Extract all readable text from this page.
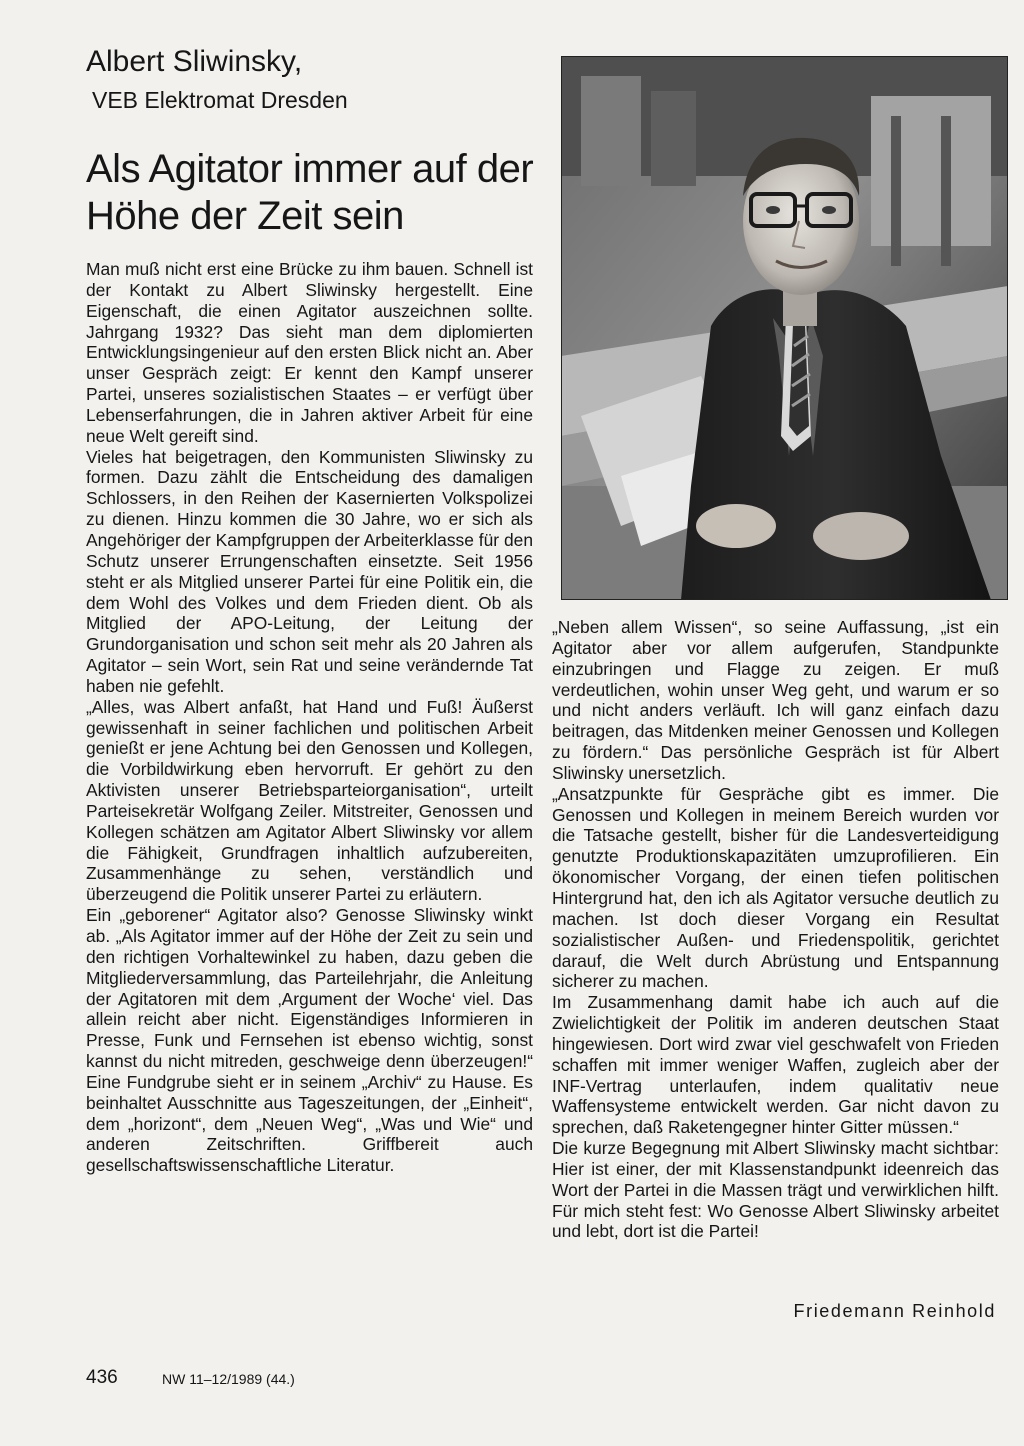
Albert Sliwinsky,
VEB Elektromat Dresden
Als Agitator immer auf der Höhe der Zeit sein

Man muß nicht erst eine Brücke zu ihm bauen. Schnell ist der Kontakt zu Albert Sliwinsky hergestellt. Eine Eigenschaft, die einen Agitator auszeichnen sollte. Jahrgang 1932? Das sieht man dem diplomierten Entwicklungsingenieur auf den ersten Blick nicht an. Aber unser Gespräch zeigt: Er kennt den Kampf unserer Partei, unseres sozialistischen Staates – er verfügt über Lebenserfahrungen, die in Jahren aktiver Arbeit für eine neue Welt gereift sind.

Vieles hat beigetragen, den Kommunisten Sliwinsky zu formen. Dazu zählt die Entscheidung des damaligen Schlossers, in den Reihen der Kasernierten Volkspolizei zu dienen. Hinzu kommen die 30 Jahre, wo er sich als Angehöriger der Kampfgruppen der Arbeiterklasse für den Schutz unserer Errungenschaften einsetzte. Seit 1956 steht er als Mitglied unserer Partei für eine Politik ein, die dem Wohl des Volkes und dem Frieden dient. Ob als Mitglied der APO-Leitung, der Leitung der Grundorganisation und schon seit mehr als 20 Jahren als Agitator – sein Wort, sein Rat und seine verändernde Tat haben nie gefehlt.

„Alles, was Albert anfaßt, hat Hand und Fuß! Äußerst gewissenhaft in seiner fachlichen und politischen Arbeit genießt er jene Achtung bei den Genossen und Kollegen, die Vorbildwirkung eben hervorruft. Er gehört zu den Aktivisten unserer Betriebsparteiorganisation“, urteilt Parteisekretär Wolfgang Zeiler. Mitstreiter, Genossen und Kollegen schätzen am Agitator Albert Sliwinsky vor allem die Fähigkeit, Grundfragen inhaltlich aufzubereiten, Zusammenhänge zu sehen, verständlich und überzeugend die Politik unserer Partei zu erläutern.

Ein „geborener“ Agitator also? Genosse Sliwinsky winkt ab. „Als Agitator immer auf der Höhe der Zeit zu sein und den richtigen Vorhaltewinkel zu haben, dazu geben die Mitgliederversammlung, das Parteilehrjahr, die Anleitung der Agitatoren mit dem ‚Argument der Woche‘ viel. Das allein reicht aber nicht. Eigenständiges Informieren in Presse, Funk und Fernsehen ist ebenso wichtig, sonst kannst du nicht mitreden, geschweige denn überzeugen!“ Eine Fundgrube sieht er in seinem „Archiv“ zu Hause. Es beinhaltet Ausschnitte aus Tageszeitungen, der „Einheit“, dem „horizont“, dem „Neuen Weg“, „Was und Wie“ und anderen Zeitschriften. Griffbereit auch gesellschaftswissenschaftliche Literatur.

„Neben allem Wissen“, so seine Auffassung, „ist ein Agitator aber vor allem aufgerufen, Standpunkte einzubringen und Flagge zu zeigen. Er muß verdeutlichen, wohin unser Weg geht, und warum er so und nicht anders verläuft. Ich will ganz einfach dazu beitragen, das Mitdenken meiner Genossen und Kollegen zu fördern.“ Das persönliche Gespräch ist für Albert Sliwinsky unersetzlich.

„Ansatzpunkte für Gespräche gibt es immer. Die Genossen und Kollegen in meinem Bereich wurden vor die Tatsache gestellt, bisher für die Landesverteidigung genutzte Produktionskapazitäten umzuprofilieren. Ein ökonomischer Vorgang, der einen tiefen politischen Hintergrund hat, den ich als Agitator versuche deutlich zu machen. Ist doch dieser Vorgang ein Resultat sozialistischer Außen- und Friedenspolitik, gerichtet darauf, die Welt durch Abrüstung und Entspannung sicherer zu machen.

Im Zusammenhang damit habe ich auch auf die Zwielichtigkeit der Politik im anderen deutschen Staat hingewiesen. Dort wird zwar viel geschwafelt von Frieden schaffen mit immer weniger Waffen, zugleich aber der INF-Vertrag unterlaufen, indem qualitativ neue Waffensysteme entwickelt werden. Gar nicht davon zu sprechen, daß Raketengegner hinter Gitter müssen.“

Die kurze Begegnung mit Albert Sliwinsky macht sichtbar: Hier ist einer, der mit Klassenstandpunkt ideenreich das Wort der Partei in die Massen trägt und verwirklichen hilft. Für mich steht fest: Wo Genosse Albert Sliwinsky arbeitet und lebt, dort ist die Partei!

Friedemann Reinhold
436	NW 11–12/1989 (44.)
